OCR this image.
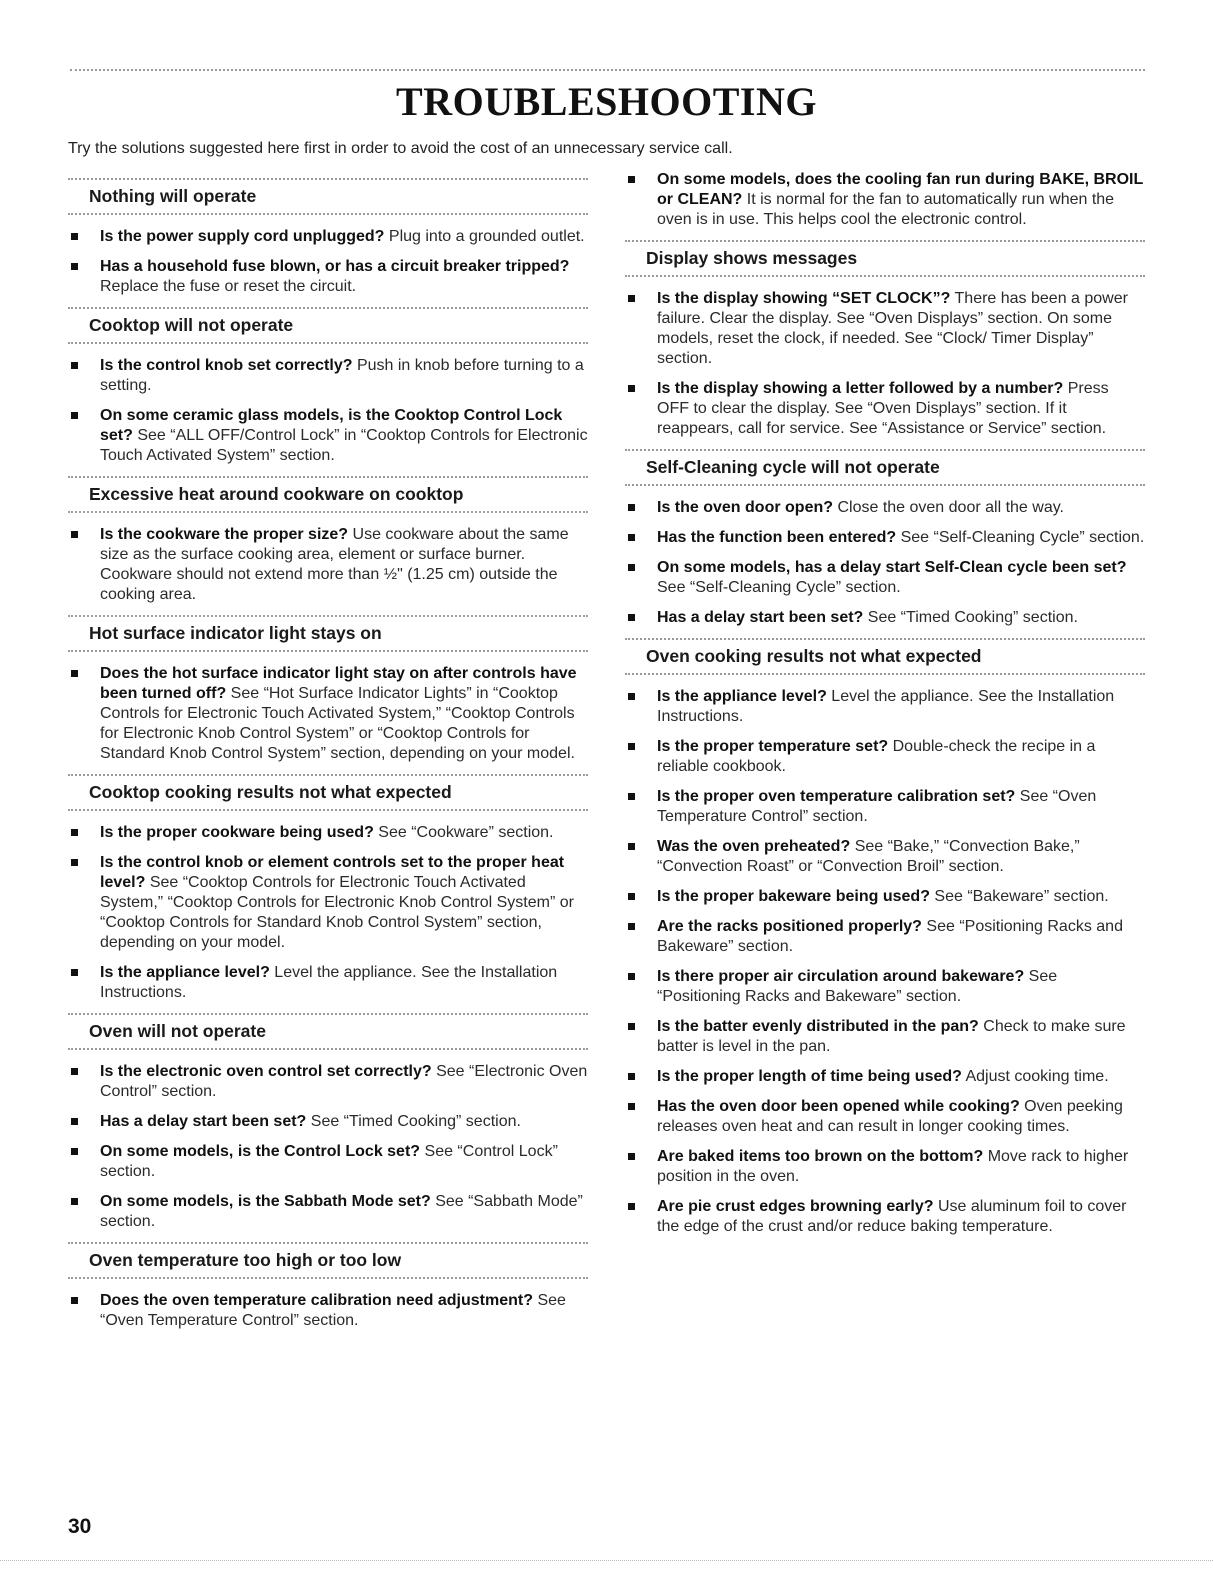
TROUBLESHOOTING
Try the solutions suggested here first in order to avoid the cost of an unnecessary service call.
Nothing will operate
Is the power supply cord unplugged? Plug into a grounded outlet.
Has a household fuse blown, or has a circuit breaker tripped? Replace the fuse or reset the circuit.
Cooktop will not operate
Is the control knob set correctly? Push in knob before turning to a setting.
On some ceramic glass models, is the Cooktop Control Lock set? See “ALL OFF/Control Lock” in “Cooktop Controls for Electronic Touch Activated System” section.
Excessive heat around cookware on cooktop
Is the cookware the proper size? Use cookware about the same size as the surface cooking area, element or surface burner. Cookware should not extend more than ½" (1.25 cm) outside the cooking area.
Hot surface indicator light stays on
Does the hot surface indicator light stay on after controls have been turned off? See “Hot Surface Indicator Lights” in “Cooktop Controls for Electronic Touch Activated System,” “Cooktop Controls for Electronic Knob Control System” or “Cooktop Controls for Standard Knob Control System” section, depending on your model.
Cooktop cooking results not what expected
Is the proper cookware being used? See “Cookware” section.
Is the control knob or element controls set to the proper heat level? See “Cooktop Controls for Electronic Touch Activated System,” “Cooktop Controls for Electronic Knob Control System” or “Cooktop Controls for Standard Knob Control System” section, depending on your model.
Is the appliance level? Level the appliance. See the Installation Instructions.
Oven will not operate
Is the electronic oven control set correctly? See “Electronic Oven Control” section.
Has a delay start been set? See “Timed Cooking” section.
On some models, is the Control Lock set? See “Control Lock” section.
On some models, is the Sabbath Mode set? See “Sabbath Mode” section.
Oven temperature too high or too low
Does the oven temperature calibration need adjustment? See “Oven Temperature Control” section.
On some models, does the cooling fan run during BAKE, BROIL or CLEAN? It is normal for the fan to automatically run when the oven is in use. This helps cool the electronic control.
Display shows messages
Is the display showing “SET CLOCK”? There has been a power failure. Clear the display. See “Oven Displays” section. On some models, reset the clock, if needed. See “Clock/ Timer Display” section.
Is the display showing a letter followed by a number? Press OFF to clear the display. See “Oven Displays” section. If it reappears, call for service. See “Assistance or Service” section.
Self-Cleaning cycle will not operate
Is the oven door open? Close the oven door all the way.
Has the function been entered? See “Self-Cleaning Cycle” section.
On some models, has a delay start Self-Clean cycle been set? See “Self-Cleaning Cycle” section.
Has a delay start been set? See “Timed Cooking” section.
Oven cooking results not what expected
Is the appliance level? Level the appliance. See the Installation Instructions.
Is the proper temperature set? Double-check the recipe in a reliable cookbook.
Is the proper oven temperature calibration set? See “Oven Temperature Control” section.
Was the oven preheated? See “Bake,” “Convection Bake,” “Convection Roast” or “Convection Broil” section.
Is the proper bakeware being used? See “Bakeware” section.
Are the racks positioned properly? See “Positioning Racks and Bakeware” section.
Is there proper air circulation around bakeware? See “Positioning Racks and Bakeware” section.
Is the batter evenly distributed in the pan? Check to make sure batter is level in the pan.
Is the proper length of time being used? Adjust cooking time.
Has the oven door been opened while cooking? Oven peeking releases oven heat and can result in longer cooking times.
Are baked items too brown on the bottom? Move rack to higher position in the oven.
Are pie crust edges browning early? Use aluminum foil to cover the edge of the crust and/or reduce baking temperature.
30
